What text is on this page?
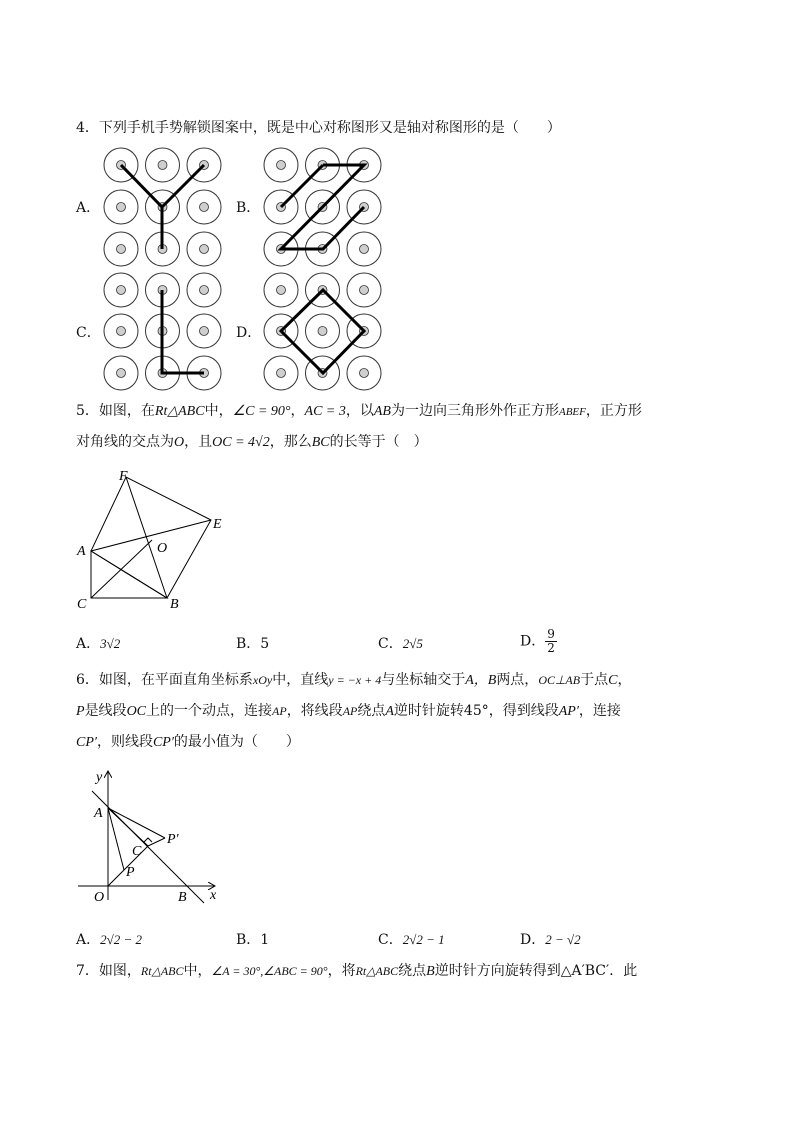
4．下列手机手势解锁图案中，既是中心对称图形又是轴对称图形的是（　　）
A．	B．
C．	D．
5．如图，在Rt△ABC中，∠C = 90°，AC = 3，以AB为一边向三角形外作正方形ABEF，正方形
对角线的交点为O，且OC = 4√2，那么BC的长等于（　）
F
E
A	O
C	B
A．3√2	B．5	C．2√5	D． $\frac{9}{2}$
6．如图，在平面直角坐标系xOy中，直线y = −x + 4与坐标轴交于A，B两点，OC⊥AB于点C，
P是线段OC上的一个动点，连接AP，将线段AP绕点A逆时针旋转45°，得到线段AP′，连接
CP′，则线段CP′的最小值为（　　）
y
x
A
P′
C
P
O	B
A．2√2 − 2	B．1	C．2√2 − 1	D．2 − √2
7．如图，Rt△ABC中，∠A = 30°,∠ABC = 90°，将Rt△ABC绕点B逆时针方向旋转得到△A′BC′．此
